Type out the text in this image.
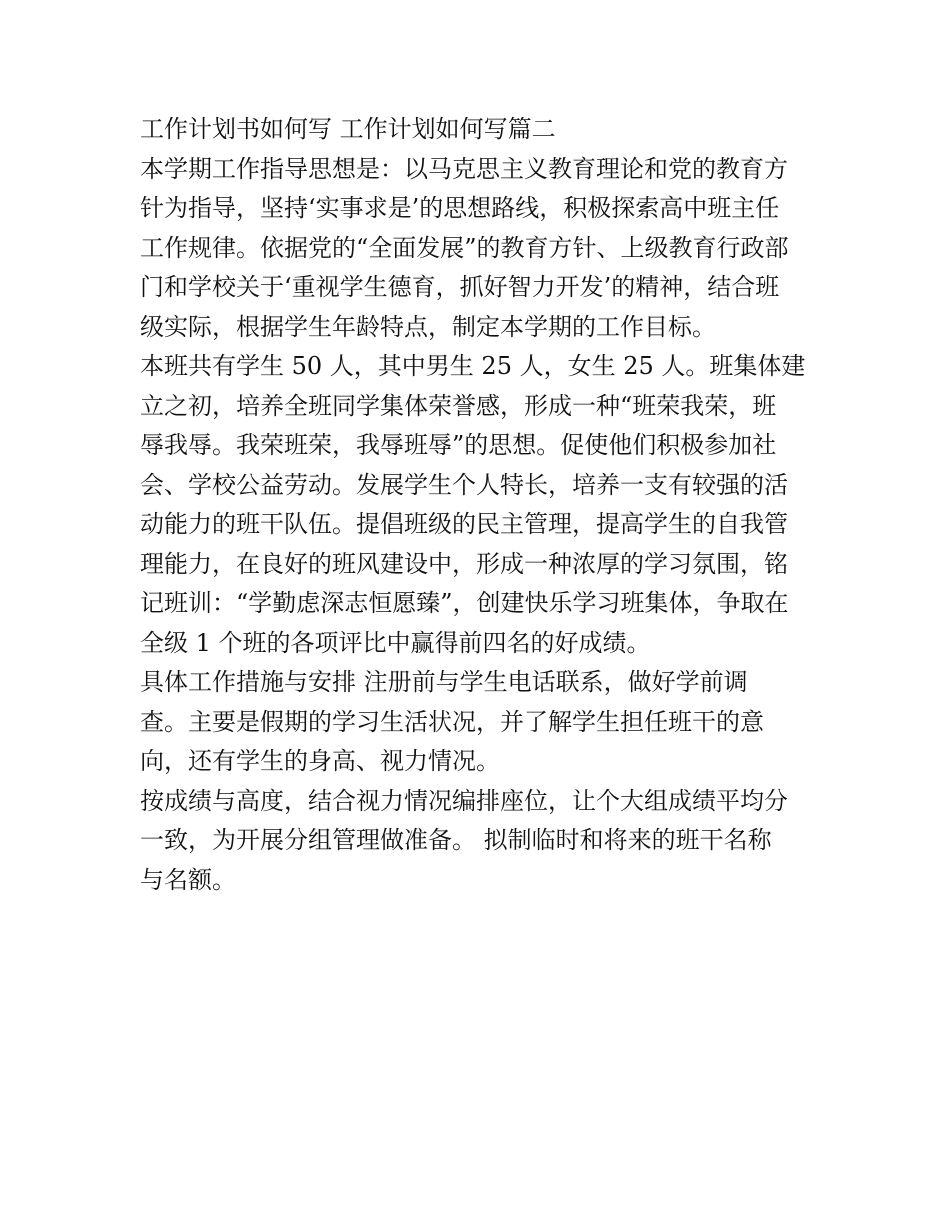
工作计划书如何写 工作计划如何写篇二

本学期工作指导思想是：以马克思主义教育理论和党的教育方
针为指导，坚持‘实事求是’的思想路线，积极探索高中班主任
工作规律。依据党的“全面发展”的教育方针、上级教育行政部
门和学校关于‘重视学生德育，抓好智力开发’的精神，结合班
级实际，根据学生年龄特点，制定本学期的工作目标。

本班共有学生 50 人，其中男生 25 人，女生 25 人。班集体建
立之初，培养全班同学集体荣誉感，形成一种“班荣我荣，班
辱我辱。我荣班荣，我辱班辱”的思想。促使他们积极参加社
会、学校公益劳动。发展学生个人特长，培养一支有较强的活
动能力的班干队伍。提倡班级的民主管理，提高学生的自我管
理能力，在良好的班风建设中，形成一种浓厚的学习氛围，铭
记班训：“学勤虑深志恒愿臻”，创建快乐学习班集体，争取在
全级 1 个班的各项评比中赢得前四名的好成绩。

具体工作措施与安排 注册前与学生电话联系，做好学前调
查。主要是假期的学习生活状况，并了解学生担任班干的意
向，还有学生的身高、视力情况。

按成绩与高度，结合视力情况编排座位，让个大组成绩平均分
一致，为开展分组管理做准备。 拟制临时和将来的班干名称
与名额。
